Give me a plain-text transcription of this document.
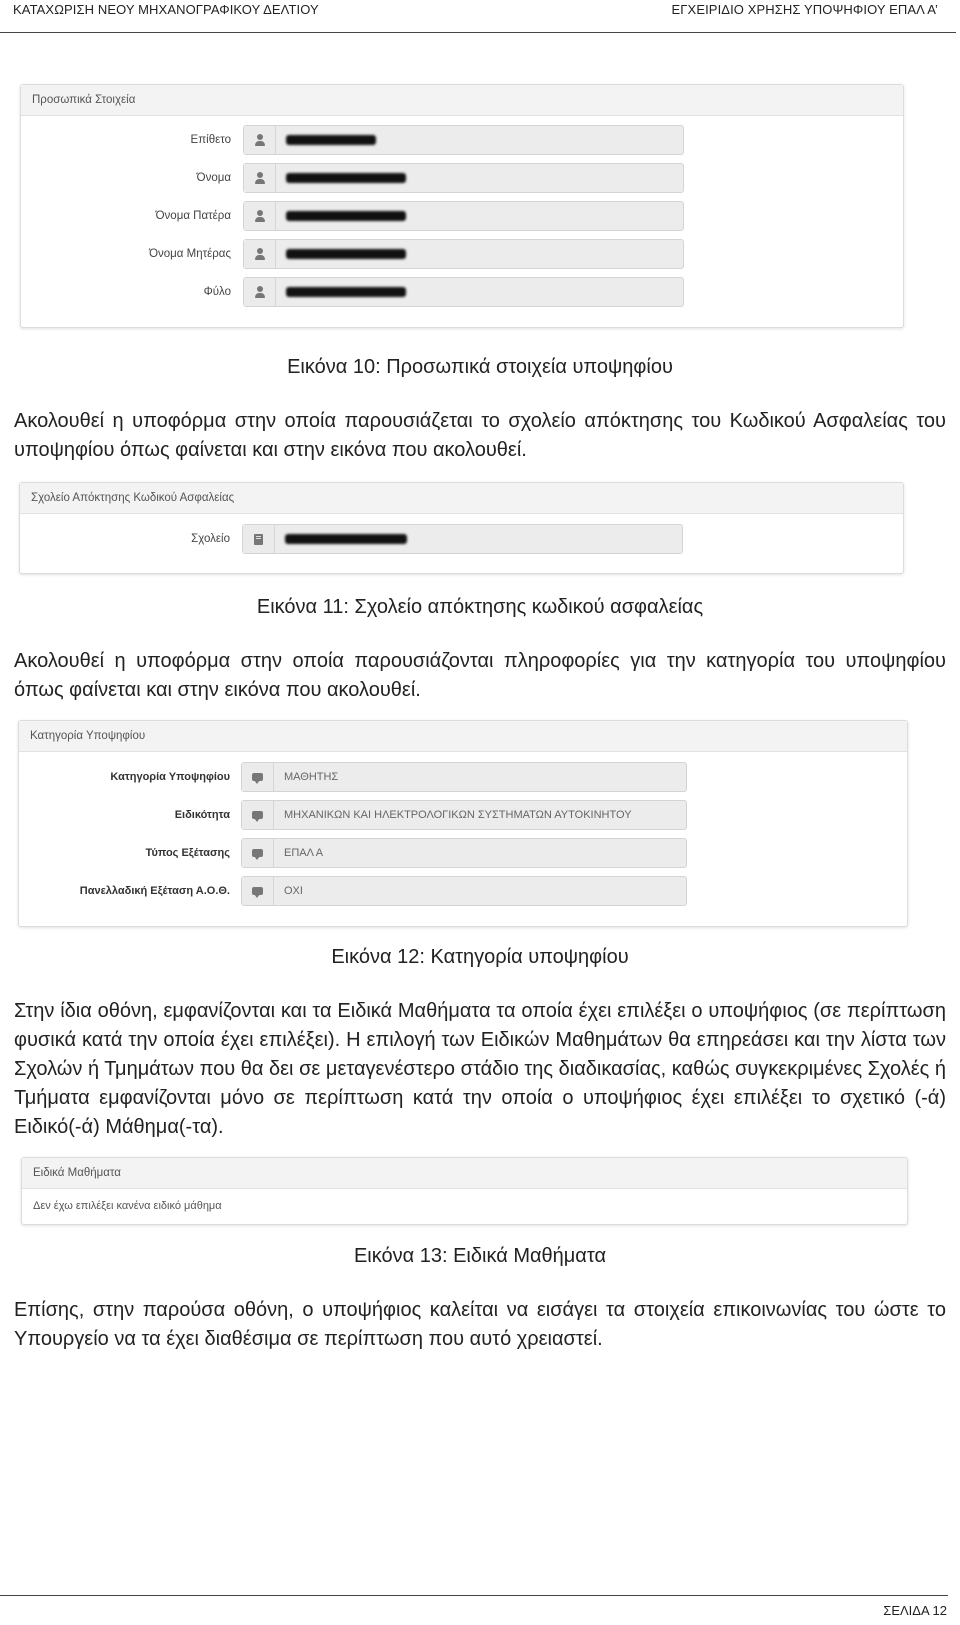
ΚΑΤΑΧΩΡΙΣΗ ΝΕΟΥ ΜΗΧΑΝΟΓΡΑΦΙΚΟΥ ΔΕΛΤΙΟΥ	ΕΓΧΕΙΡΙΔΙΟ ΧΡΗΣΗΣ ΥΠΟΨΗΦΙΟΥ ΕΠΑΛ Α’
Προσωπικά Στοιχεία
Επίθετο
Όνομα
Όνομα Πατέρα
Όνομα Μητέρας
Φύλο
Εικόνα 10: Προσωπικά στοιχεία υποψηφίου
Ακολουθεί η υποφόρμα στην οποία παρουσιάζεται το σχολείο απόκτησης του Κωδικού Ασφαλείας του υποψηφίου όπως φαίνεται και στην εικόνα που ακολουθεί.
Σχολείο Απόκτησης Κωδικού Ασφαλείας
Σχολείο
Εικόνα 11: Σχολείο απόκτησης κωδικού ασφαλείας
Ακολουθεί η υποφόρμα στην οποία παρουσιάζονται πληροφορίες για την κατηγορία του υποψηφίου όπως φαίνεται και στην εικόνα που ακολουθεί.
Κατηγορία Υποψηφίου
Κατηγορία Υποψηφίου	ΜΑΘΗΤΗΣ
Ειδικότητα	ΜΗΧΑΝΙΚΩΝ ΚΑΙ ΗΛΕΚΤΡΟΛΟΓΙΚΩΝ ΣΥΣΤΗΜΑΤΩΝ ΑΥΤΟΚΙΝΗΤΟΥ
Τύπος Εξέτασης	ΕΠΑΛ Α
Πανελλαδική Εξέταση Α.Ο.Θ.	ΟΧΙ
Εικόνα 12: Κατηγορία υποψηφίου
Στην ίδια οθόνη, εμφανίζονται και τα Ειδικά Μαθήματα τα οποία έχει επιλέξει ο υποψήφιος (σε περίπτωση φυσικά κατά την οποία έχει επιλέξει). Η επιλογή των Ειδικών Μαθημάτων θα επηρεάσει και την λίστα των Σχολών ή Τμημάτων που θα δει σε μεταγενέστερο στάδιο της διαδικασίας, καθώς συγκεκριμένες Σχολές ή Τμήματα εμφανίζονται μόνο σε περίπτωση κατά την οποία ο υποψήφιος έχει επιλέξει το σχετικό (-ά) Ειδικό(-ά) Μάθημα(-τα).
Ειδικά Μαθήματα
Δεν έχω επιλέξει κανένα ειδικό μάθημα
Εικόνα 13: Ειδικά Μαθήματα
Επίσης, στην παρούσα οθόνη, ο υποψήφιος καλείται να εισάγει τα στοιχεία επικοινωνίας του ώστε το Υπουργείο να τα έχει διαθέσιμα σε περίπτωση που αυτό χρειαστεί.
ΣΕΛΙΔΑ 12
